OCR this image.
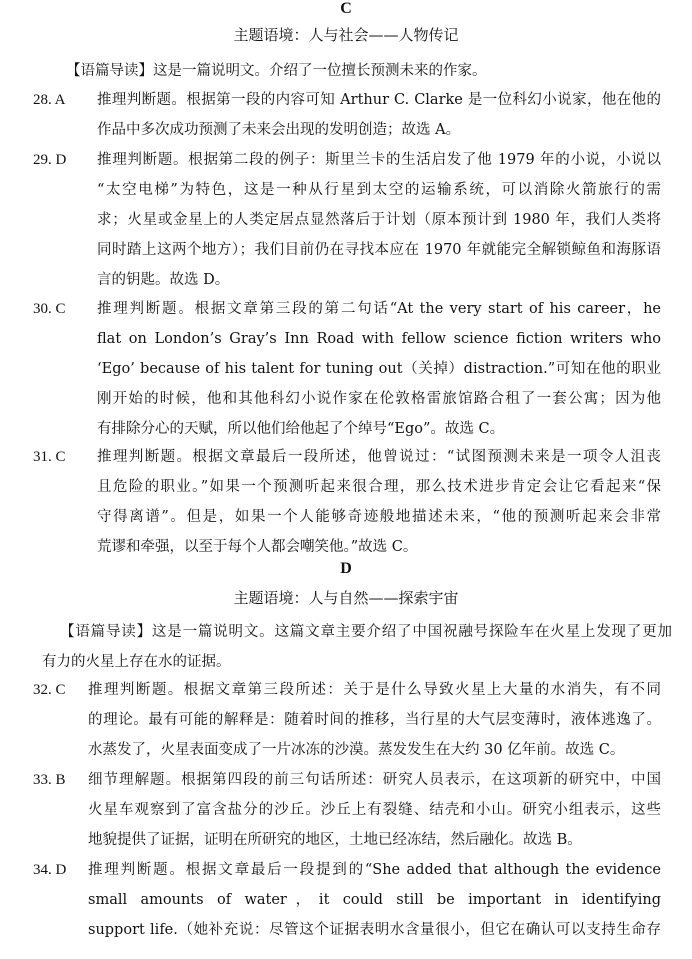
C
主题语境：人与社会——人物传记
【语篇导读】这是一篇说明文。介绍了一位擅长预测未来的作家。
28. A 推理判断题。根据第一段的内容可知 Arthur C. Clarke 是一位科幻小说家，他在他的
作品中多次成功预测了未来会出现的发明创造；故选 A。
29. D 推理判断题。根据第二段的例子：斯里兰卡的生活启发了他 1979 年的小说，小说以
“太空电梯”为特色，这是一种从行星到太空的运输系统，可以消除火箭旅行的需
求；火星或金星上的人类定居点显然落后于计划（原本预计到 1980 年，我们人类将
同时踏上这两个地方）；我们目前仍在寻找本应在 1970 年就能完全解锁鲸鱼和海豚语
言的钥匙。故选 D。
30. C 推理判断题。根据文章第三段的第二句话“At the very start of his career，he
flat on London’s Gray’s Inn Road with fellow science fiction writers who
‘Ego’ because of his talent for tuning out（关掉）distraction.”可知在他的职业
刚开始的时候，他和其他科幻小说作家在伦敦格雷旅馆路合租了一套公寓；因为他
有排除分心的天赋，所以他们给他起了个绰号“Ego”。故选 C。
31. C 推理判断题。根据文章最后一段所述，他曾说过：“试图预测未来是一项令人沮丧
且危险的职业。”如果一个预测听起来很合理，那么技术进步肯定会让它看起来“保
守得离谱”。但是，如果一个人能够奇迹般地描述未来，“他的预测听起来会非常
荒谬和牵强，以至于每个人都会嘲笑他。”故选 C。
D
主题语境：人与自然——探索宇宙
【语篇导读】这是一篇说明文。这篇文章主要介绍了中国祝融号探险车在火星上发现了更加
有力的火星上存在水的证据。
32. C 推理判断题。根据文章第三段所述：关于是什么导致火星上大量的水消失，有不同
的理论。最有可能的解释是：随着时间的推移，当行星的大气层变薄时，液体逃逸了。
水蒸发了，火星表面变成了一片冰冻的沙漠。蒸发发生在大约 30 亿年前。故选 C。
33. B 细节理解题。根据第四段的前三句话所述：研究人员表示，在这项新的研究中，中国
火星车观察到了富含盐分的沙丘。沙丘上有裂缝、结壳和小山。研究小组表示，这些
地貌提供了证据，证明在所研究的地区，土地已经冻结，然后融化。故选 B。
34. D 推理判断题。根据文章最后一段提到的“She added that although the evidence
small amounts of water，it could still be important in identifying
support life.（她补充说：尽管这个证据表明水含量很小，但它在确认可以支持生命存
